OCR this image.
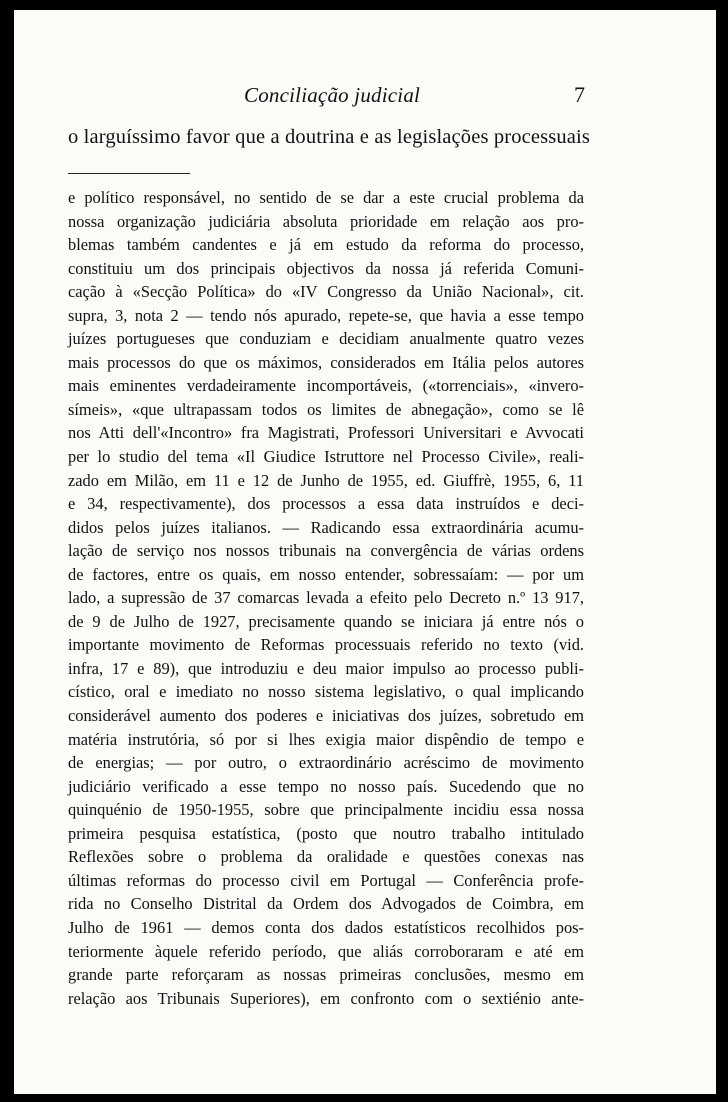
Conciliação judicial	7
o larguíssimo favor que a doutrina e as legislações processuais
e político responsável, no sentido de se dar a este crucial problema da
nossa organização judiciária absoluta prioridade em relação aos pro-
blemas também candentes e já em estudo da reforma do processo,
constituiu um dos principais objectivos da nossa já referida Comuni-
cação à «Secção Política» do «IV Congresso da União Nacional», cit.
supra, 3, nota 2 — tendo nós apurado, repete-se, que havia a esse tempo
juízes portugueses que conduziam e decidiam anualmente quatro vezes
mais processos do que os máximos, considerados em Itália pelos autores
mais eminentes verdadeiramente incomportáveis, («torrenciais», «invero-
símeis», «que ultrapassam todos os limites de abnegação», como se lê
nos Atti dell'«Incontro» fra Magistrati, Professori Universitari e Avvocati
per lo studio del tema «Il Giudice Istruttore nel Processo Civile», reali-
zado em Milão, em 11 e 12 de Junho de 1955, ed. Giuffrè, 1955, 6, 11
e 34, respectivamente), dos processos a essa data instruídos e deci-
didos pelos juízes italianos. — Radicando essa extraordinária acumu-
lação de serviço nos nossos tribunais na convergência de várias ordens
de factores, entre os quais, em nosso entender, sobressaíam: — por um
lado, a supressão de 37 comarcas levada a efeito pelo Decreto n.º 13 917,
de 9 de Julho de 1927, precisamente quando se iniciara já entre nós o
importante movimento de Reformas processuais referido no texto (vid.
infra, 17 e 89), que introduziu e deu maior impulso ao processo publi-
cístico, oral e imediato no nosso sistema legislativo, o qual implicando
considerável aumento dos poderes e iniciativas dos juízes, sobretudo em
matéria instrutória, só por si lhes exigia maior dispêndio de tempo e
de energias; — por outro, o extraordinário acréscimo de movimento
judiciário verificado a esse tempo no nosso país. Sucedendo que no
quinquénio de 1950-1955, sobre que principalmente incidiu essa nossa
primeira pesquisa estatística, (posto que noutro trabalho intitulado
Reflexões sobre o problema da oralidade e questões conexas nas
últimas reformas do processo civil em Portugal — Conferência profe-
rida no Conselho Distrital da Ordem dos Advogados de Coimbra, em
Julho de 1961 — demos conta dos dados estatísticos recolhidos pos-
teriormente àquele referido período, que aliás corroboraram e até em
grande parte reforçaram as nossas primeiras conclusões, mesmo em
relação aos Tribunais Superiores), em confronto com o sextiénio ante-
